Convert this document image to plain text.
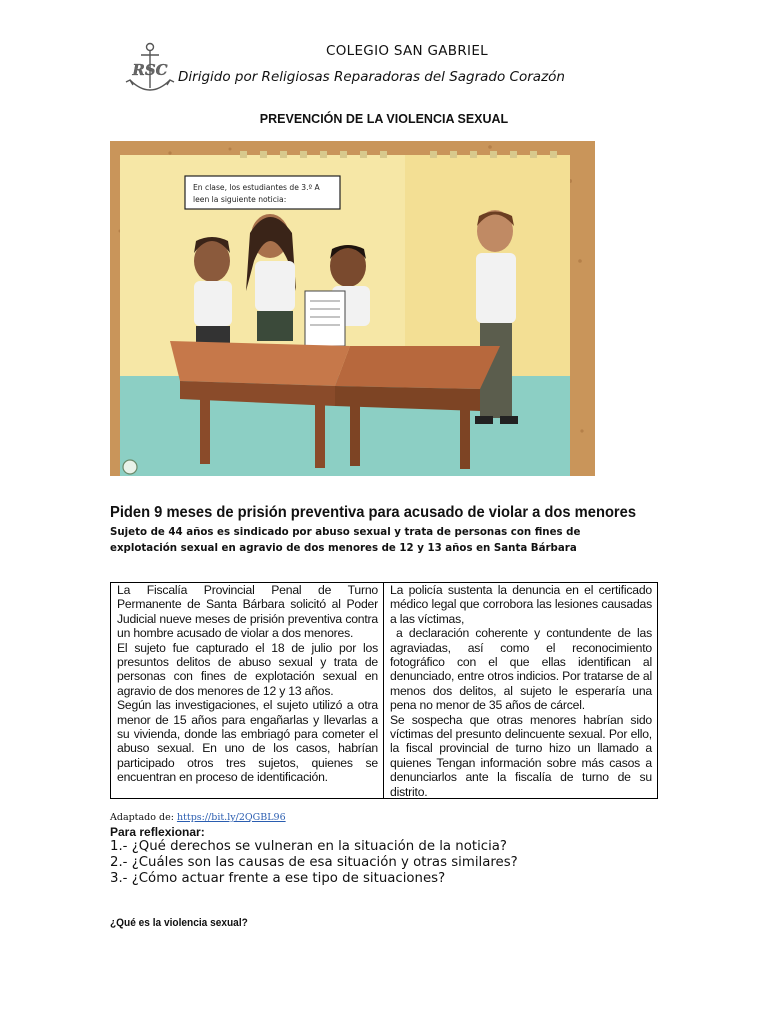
RSC
COLEGIO SAN GABRIEL
Dirigido por Religiosas Reparadoras del Sagrado Corazón
PREVENCIÓN DE LA VIOLENCIA SEXUAL
En clase, los estudiantes de 3.º A
leen la siguiente noticia:
Piden 9 meses de prisión preventiva para acusado de violar a dos menores
Sujeto de 44 años es sindicado por abuso sexual y trata de personas con fines de explotación sexual en agravio de dos menores de 12 y 13 años en Santa Bárbara

La Fiscalía Provincial Penal de Turno Permanente de Santa Bárbara solicitó al Poder Judicial nueve meses de prisión preventiva contra un hombre acusado de violar a dos menores.

El sujeto fue capturado el 18 de julio por los presuntos delitos de abuso sexual y trata de personas con fines de explotación sexual en agravio de dos menores de 12 y 13 años.

Según las investigaciones, el sujeto utilizó a otra menor de 15 años para engañarlas y llevarlas a su vivienda, donde las embriagó para cometer el abuso sexual. En uno de los casos, habrían participado otros tres sujetos, quienes se encuentran en proceso de identificación.

La policía sustenta la denuncia en el certificado médico legal que corrobora las lesiones causadas a las víctimas,

a declaración coherente y contundente de las agraviadas, así como el reconocimiento fotográfico con el que ellas identifican al denunciado, entre otros indicios. Por tratarse de al menos dos delitos, al sujeto le esperaría una pena no menor de 35 años de cárcel.

Se sospecha que otras menores habrían sido víctimas del presunto delincuente sexual. Por ello, la fiscal provincial de turno hizo un llamado a quienes Tengan información sobre más casos a denunciarlos ante la fiscalía de turno de su distrito.

Adaptado de: https://bit.ly/2QGBL96
Para reflexionar:
1.- ¿Qué derechos se vulneran en la situación de la noticia?
2.- ¿Cuáles son las causas de esa situación y otras similares?
3.- ¿Cómo actuar frente a ese tipo de situaciones?
¿Qué es la violencia sexual?
